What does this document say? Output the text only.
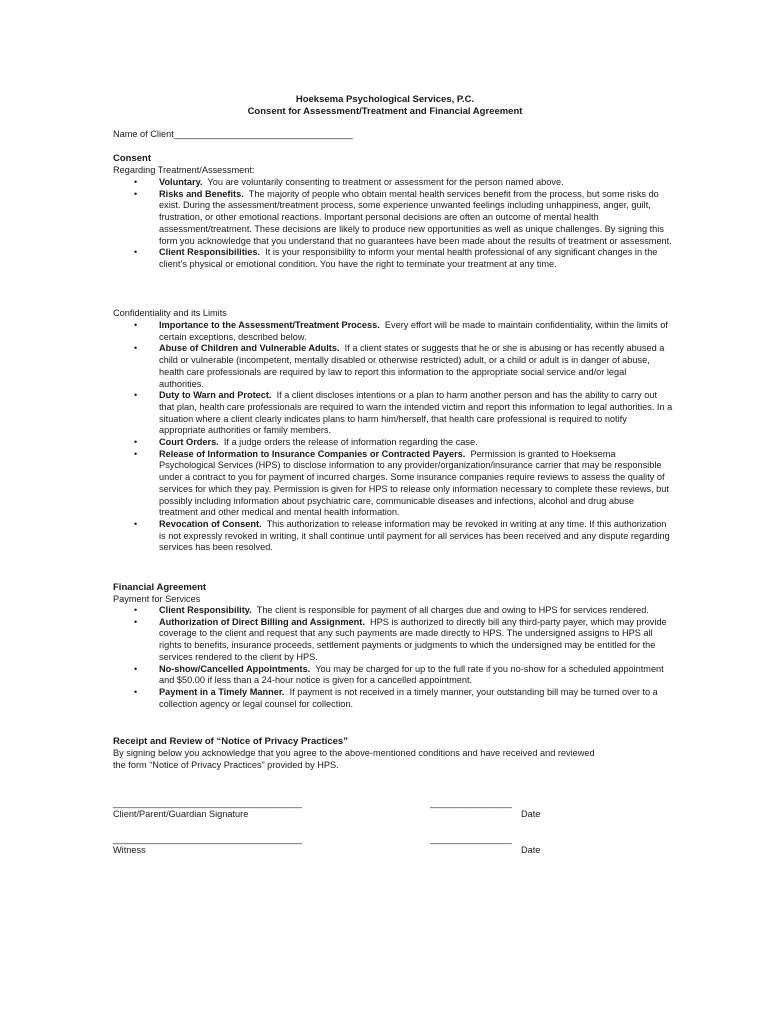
Hoeksema Psychological Services, P.C.
Consent for Assessment/Treatment and Financial Agreement
Name of Client___________________________________
Consent
Regarding Treatment/Assessment:
• Voluntary. You are voluntarily consenting to treatment or assessment for the person named above.
• Risks and Benefits. The majority of people who obtain mental health services benefit from the process, but some risks do exist. During the assessment/treatment process, some experience unwanted feelings including unhappiness, anger, guilt, frustration, or other emotional reactions. Important personal decisions are often an outcome of mental health assessment/treatment. These decisions are likely to produce new opportunities as well as unique challenges. By signing this form you acknowledge that you understand that no guarantees have been made about the results of treatment or assessment.
• Client Responsibilities. It is your responsibility to inform your mental health professional of any significant changes in the client’s physical or emotional condition. You have the right to terminate your treatment at any time.
Confidentiality and its Limits
• Importance to the Assessment/Treatment Process. Every effort will be made to maintain confidentiality, within the limits of certain exceptions, described below.
• Abuse of Children and Vulnerable Adults. If a client states or suggests that he or she is abusing or has recently abused a child or vulnerable (incompetent, mentally disabled or otherwise restricted) adult, or a child or adult is in danger of abuse, health care professionals are required by law to report this information to the appropriate social service and/or legal authorities.
• Duty to Warn and Protect. If a client discloses intentions or a plan to harm another person and has the ability to carry out that plan, health care professionals are required to warn the intended victim and report this information to legal authorities. In a situation where a client clearly indicates plans to harm him/herself, that health care professional is required to notify appropriate authorities or family members.
• Court Orders. If a judge orders the release of information regarding the case.
• Release of Information to Insurance Companies or Contracted Payers. Permission is granted to Hoeksema Psychological Services (HPS) to disclose information to any provider/organization/insurance carrier that may be responsible under a contract to you for payment of incurred charges. Some insurance companies require reviews to assess the quality of services for which they pay. Permission is given for HPS to release only information necessary to complete these reviews, but possibly including information about psychiatric care, communicable diseases and infections, alcohol and drug abuse treatment and other medical and mental health information.
• Revocation of Consent. This authorization to release information may be revoked in writing at any time. If this authorization is not expressly revoked in writing, it shall continue until payment for all services has been received and any dispute regarding services has been resolved.
Financial Agreement
Payment for Services
• Client Responsibility. The client is responsible for payment of all charges due and owing to HPS for services rendered.
• Authorization of Direct Billing and Assignment. HPS is authorized to directly bill any third-party payer, which may provide coverage to the client and request that any such payments are made directly to HPS. The undersigned assigns to HPS all rights to benefits, insurance proceeds, settlement payments or judgments to which the undersigned may be entitled for the services rendered to the client by HPS.
• No-show/Cancelled Appointments. You may be charged for up to the full rate if you no-show for a scheduled appointment and $50.00 if less than a 24-hour notice is given for a cancelled appointment.
• Payment in a Timely Manner. If payment is not received in a timely manner, your outstanding bill may be turned over to a collection agency or legal counsel for collection.
Receipt and Review of “Notice of Privacy Practices”
By signing below you acknowledge that you agree to the above-mentioned conditions and have received and reviewed
the form “Notice of Privacy Practices” provided by HPS.
_____________________________________	________________
Client/Parent/Guardian Signature	Date
_____________________________________	________________
Witness	Date
